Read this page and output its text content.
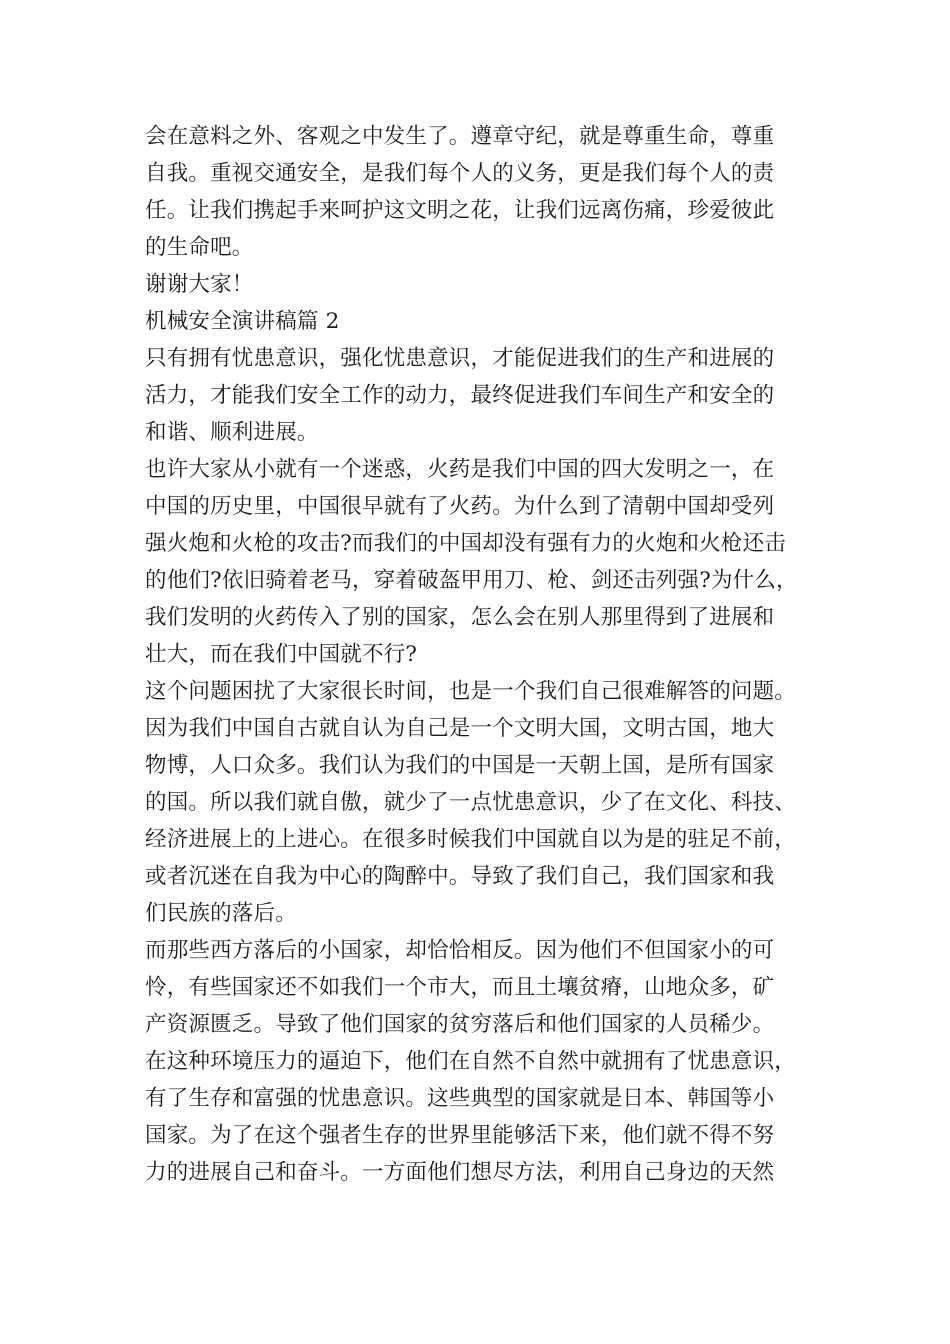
会在意料之外、客观之中发生了。遵章守纪，就是尊重生命，尊重
自我。重视交通安全，是我们每个人的义务，更是我们每个人的责
任。让我们携起手来呵护这文明之花，让我们远离伤痛，珍爱彼此
的生命吧。
谢谢大家！
机械安全演讲稿篇 2
只有拥有忧患意识，强化忧患意识，才能促进我们的生产和进展的
活力，才能我们安全工作的动力，最终促进我们车间生产和安全的
和谐、顺利进展。
也许大家从小就有一个迷惑，火药是我们中国的四大发明之一，在
中国的历史里，中国很早就有了火药。为什么到了清朝中国却受列
强火炮和火枪的攻击?而我们的中国却没有强有力的火炮和火枪还击
的他们?依旧骑着老马，穿着破盔甲用刀、枪、剑还击列强?为什么，
我们发明的火药传入了别的国家，怎么会在别人那里得到了进展和
壮大，而在我们中国就不行?
这个问题困扰了大家很长时间，也是一个我们自己很难解答的问题。
因为我们中国自古就自认为自己是一个文明大国，文明古国，地大
物博，人口众多。我们认为我们的中国是一天朝上国，是所有国家
的国。所以我们就自傲，就少了一点忧患意识，少了在文化、科技、
经济进展上的上进心。在很多时候我们中国就自以为是的驻足不前，
或者沉迷在自我为中心的陶醉中。导致了我们自己，我们国家和我
们民族的落后。
而那些西方落后的小国家，却恰恰相反。因为他们不但国家小的可
怜，有些国家还不如我们一个市大，而且土壤贫瘠，山地众多，矿
产资源匮乏。导致了他们国家的贫穷落后和他们国家的人员稀少。
在这种环境压力的逼迫下，他们在自然不自然中就拥有了忧患意识，
有了生存和富强的忧患意识。这些典型的国家就是日本、韩国等小
国家。为了在这个强者生存的世界里能够活下来，他们就不得不努
力的进展自己和奋斗。一方面他们想尽方法，利用自己身边的天然
